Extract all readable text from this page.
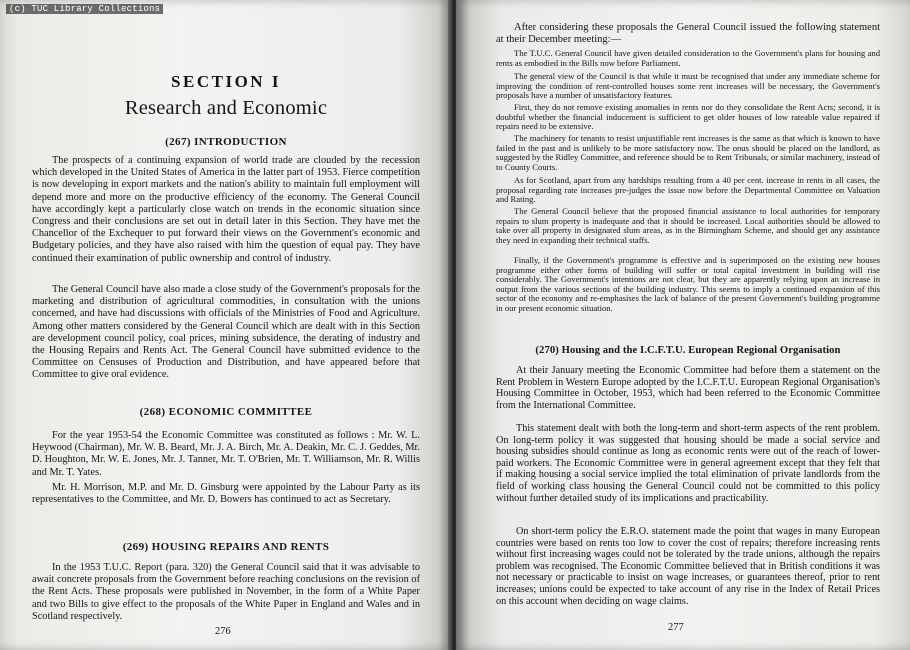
(c) TUC Library Collections
SECTION I
Research and Economic
(267) INTRODUCTION
The prospects of a continuing expansion of world trade are clouded by the recession which developed in the United States of America in the latter part of 1953. Fierce competition is now developing in export markets and the nation's ability to maintain full employment will depend more and more on the productive efficiency of the economy. The General Council have accordingly kept a particularly close watch on trends in the economic situation since Congress and their conclusions are set out in detail later in this Section. They have met the Chancellor of the Exchequer to put forward their views on the Government's economic and Budgetary policies, and they have also raised with him the question of equal pay. They have continued their examination of public ownership and control of industry.
The General Council have also made a close study of the Government's proposals for the marketing and distribution of agricultural commodities, in consultation with the unions concerned, and have had discussions with officials of the Ministries of Food and Agriculture. Among other matters considered by the General Council which are dealt with in this Section are development council policy, coal prices, mining subsidence, the derating of industry and the Housing Repairs and Rents Act. The General Council have submitted evidence to the Committee on Censuses of Production and Distribution, and have appeared before that Committee to give oral evidence.
(268) ECONOMIC COMMITTEE
For the year 1953-54 the Economic Committee was constituted as follows : Mr. W. L. Heywood (Chairman), Mr. W. B. Beard, Mr. J. A. Birch, Mr. A. Deakin, Mr. C. J. Geddes, Mr. D. Houghton, Mr. W. E. Jones, Mr. J. Tanner, Mr. T. O'Brien, Mr. T. Williamson, Mr. R. Willis and Mr. T. Yates.
Mr. H. Morrison, M.P. and Mr. D. Ginsburg were appointed by the Labour Party as its representatives to the Committee, and Mr. D. Bowers has continued to act as Secretary.
(269) HOUSING REPAIRS AND RENTS
In the 1953 T.U.C. Report (para. 320) the General Council said that it was advisable to await concrete proposals from the Government before reaching conclusions on the revision of the Rent Acts. These proposals were published in November, in the form of a White Paper and two Bills to give effect to the proposals of the White Paper in England and Wales and in Scotland respectively.
276
After considering these proposals the General Council issued the following statement at their December meeting:—
The T.U.C. General Council have given detailed consideration to the Government's plans for housing and rents as embodied in the Bills now before Parliament.
The general view of the Council is that while it must be recognised that under any immediate scheme for improving the condition of rent-controlled houses some rent increases will be necessary, the Government's proposals have a number of unsatisfactory features.
First, they do not remove existing anomalies in rents nor do they consolidate the Rent Acts; second, it is doubtful whether the financial inducement is sufficient to get older houses of low rateable value repaired if repairs need to be extensive.
The machinery for tenants to resist unjustifiable rent increases is the same as that which is known to have failed in the past and is unlikely to be more satisfactory now. The onus should be placed on the landlord, as suggested by the Ridley Committee, and reference should be to Rent Tribunals, or similar machinery, instead of to County Courts.
As for Scotland, apart from any hardships resulting from a 40 per cent. increase in rents in all cases, the proposal regarding rate increases pre-judges the issue now before the Departmental Committee on Valuation and Rating.
The General Council believe that the proposed financial assistance to local authorities for temporary repairs to slum property is inadequate and that it should be increased. Local authorities should be allowed to take over all property in designated slum areas, as in the Birmingham Scheme, and should get any assistance they need in expanding their technical staffs.
Finally, if the Government's programme is effective and is superimposed on the existing new houses programme either other forms of building will suffer or total capital investment in building will rise considerably. The Government's intentions are not clear, but they are apparently relying upon an increase in output from the various sections of the building industry. This seems to imply a continued expansion of this sector of the economy and re-emphasises the lack of balance of the present Government's building programme in our present economic situation.
(270) Housing and the I.C.F.T.U. European Regional Organisation
At their January meeting the Economic Committee had before them a statement on the Rent Problem in Western Europe adopted by the I.C.F.T.U. European Regional Organisation's Housing Committee in October, 1953, which had been referred to the Economic Committee from the International Committee.
This statement dealt with both the long-term and short-term aspects of the rent problem. On long-term policy it was suggested that housing should be made a social service and housing subsidies should continue as long as economic rents were out of the reach of lower-paid workers. The Economic Committee were in general agreement except that they felt that if making housing a social service implied the total elimination of private landlords from the field of working class housing the General Council could not be committed to this policy without further detailed study of its implications and practicability.
On short-term policy the E.R.O. statement made the point that wages in many European countries were based on rents too low to cover the cost of repairs; therefore increasing rents without first increasing wages could not be tolerated by the trade unions, although the repairs problem was recognised. The Economic Committee believed that in British conditions it was not necessary or practicable to insist on wage increases, or guarantees thereof, prior to rent increases; unions could be expected to take account of any rise in the Index of Retail Prices on this account when deciding on wage claims.
277
